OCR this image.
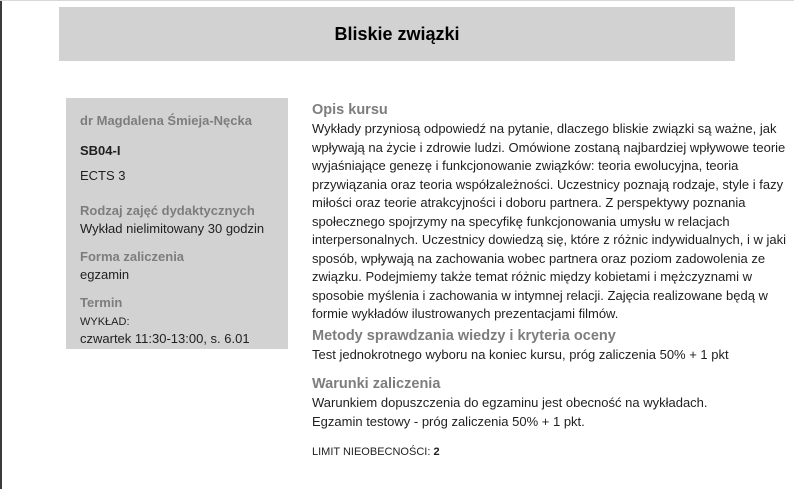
Bliskie związki
dr Magdalena Śmieja-Nęcka
SB04-I
ECTS 3
Rodzaj zajęć dydaktycznych
Wykład nielimitowany 30 godzin
Forma zaliczenia
egzamin
Termin
WYKŁAD:
czwartek 11:30-13:00, s. 6.01
Opis kursu

Wykłady przyniosą odpowiedź na pytanie, dlaczego bliskie związki są ważne, jak wpływają na życie i zdrowie ludzi. Omówione zostaną najbardziej wpływowe teorie wyjaśniające genezę i funkcjonowanie związków: teoria ewolucyjna, teoria przywiązania oraz teoria współzależności. Uczestnicy poznają rodzaje, style i fazy miłości oraz teorie atrakcyjności i doboru partnera. Z perspektywy poznania społecznego spojrzymy na specyfikę funkcjonowania umysłu w relacjach interpersonalnych. Uczestnicy dowiedzą się, które z różnic indywidualnych, i w jaki sposób, wpływają na zachowania wobec partnera oraz poziom zadowolenia ze związku. Podejmiemy także temat różnic między kobietami i mężczyznami w sposobie myślenia i zachowania w intymnej relacji. Zajęcia realizowane będą w formie wykładów ilustrowanych prezentacjami filmów.

Metody sprawdzania wiedzy i kryteria oceny

Test jednokrotnego wyboru na koniec kursu, próg zaliczenia 50% + 1 pkt

Warunki zaliczenia

Warunkiem dopuszczenia do egzaminu jest obecność na wykładach.

Egzamin testowy - próg zaliczenia 50% + 1 pkt.

LIMIT NIEOBECNOŚCI: 2
